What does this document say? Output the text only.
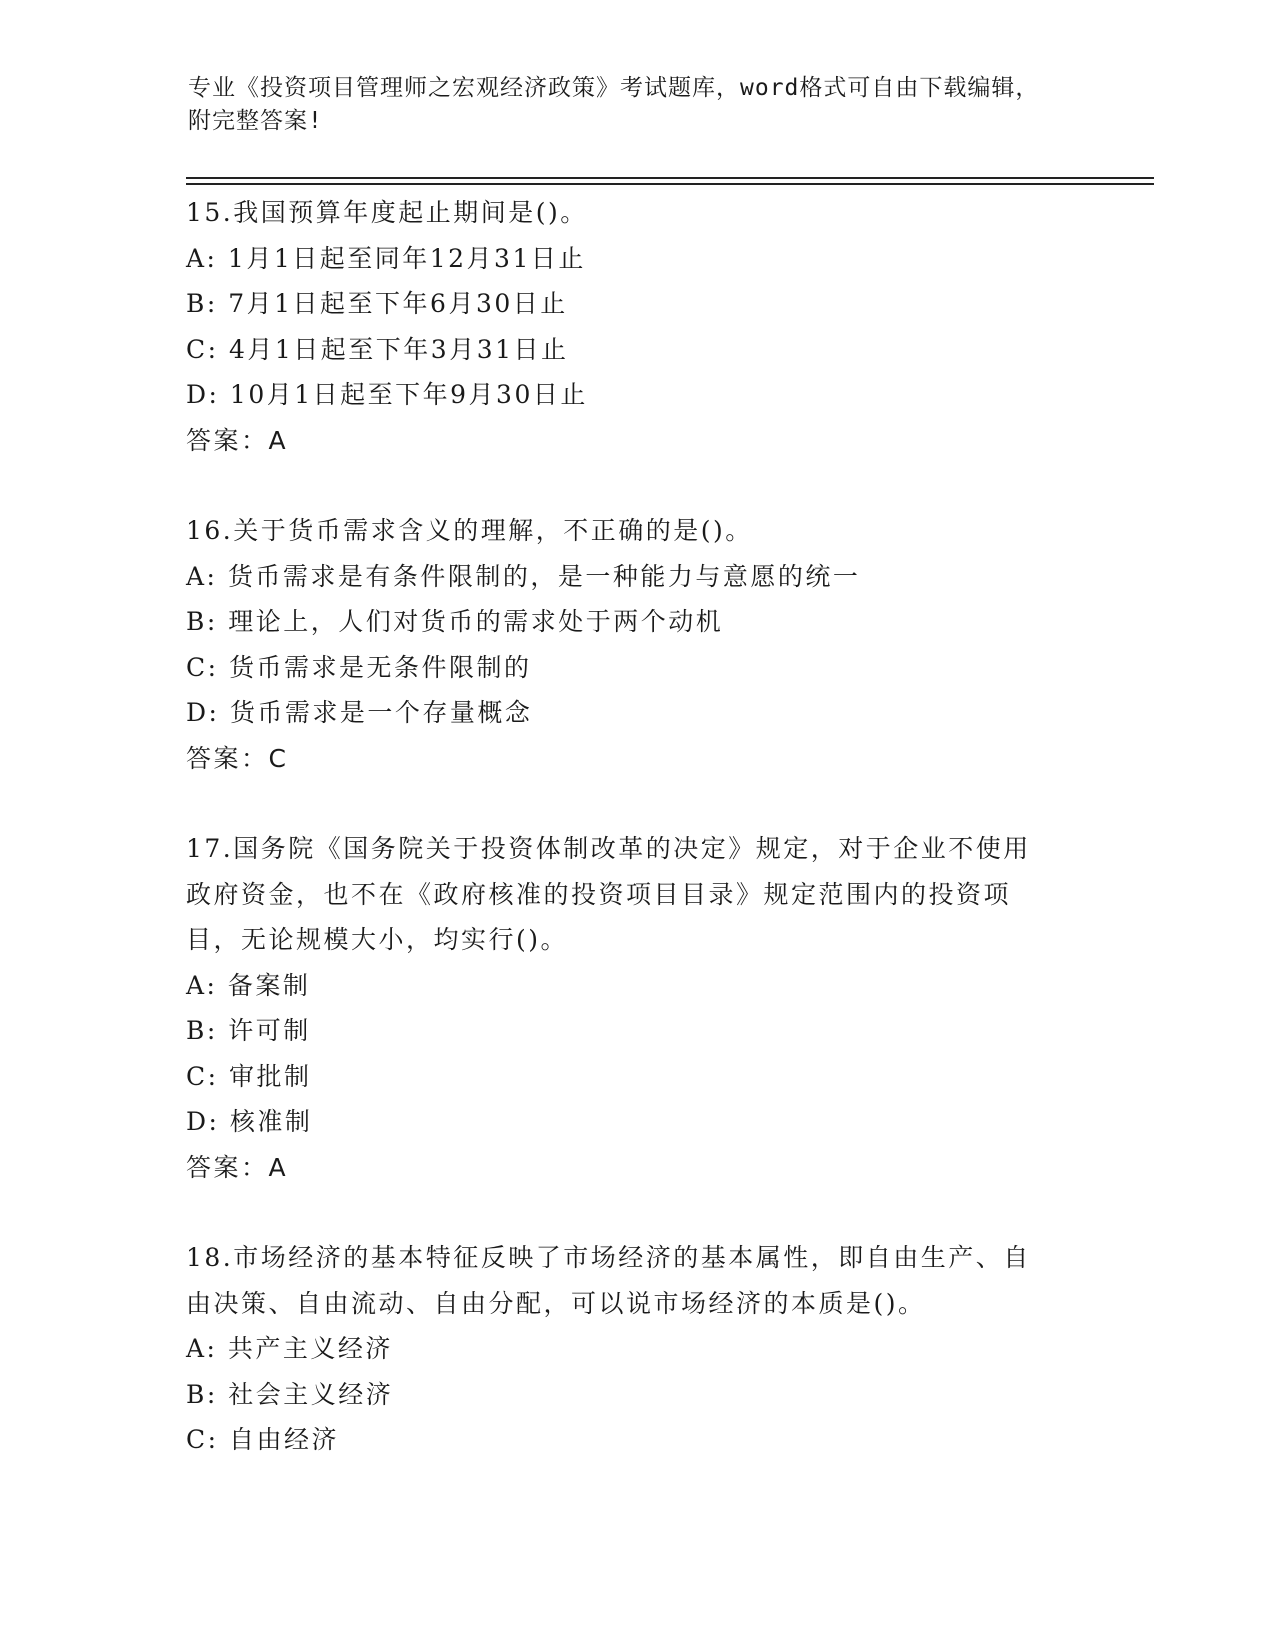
专业《投资项目管理师之宏观经济政策》考试题库，word格式可自由下载编辑，
附完整答案!
15.我国预算年度起止期间是()。
A: 1月1日起至同年12月31日止
B: 7月1日起至下年6月30日止
C: 4月1日起至下年3月31日止
D: 10月1日起至下年9月30日止
答案：A
16.关于货币需求含义的理解，不正确的是()。
A: 货币需求是有条件限制的，是一种能力与意愿的统一
B: 理论上，人们对货币的需求处于两个动机
C: 货币需求是无条件限制的
D: 货币需求是一个存量概念
答案：C
17.国务院《国务院关于投资体制改革的决定》规定，对于企业不使用
政府资金，也不在《政府核准的投资项目目录》规定范围内的投资项
目，无论规模大小，均实行()。
A: 备案制
B: 许可制
C: 审批制
D: 核准制
答案：A
18.市场经济的基本特征反映了市场经济的基本属性，即自由生产、自
由决策、自由流动、自由分配，可以说市场经济的本质是()。
A: 共产主义经济
B: 社会主义经济
C: 自由经济
